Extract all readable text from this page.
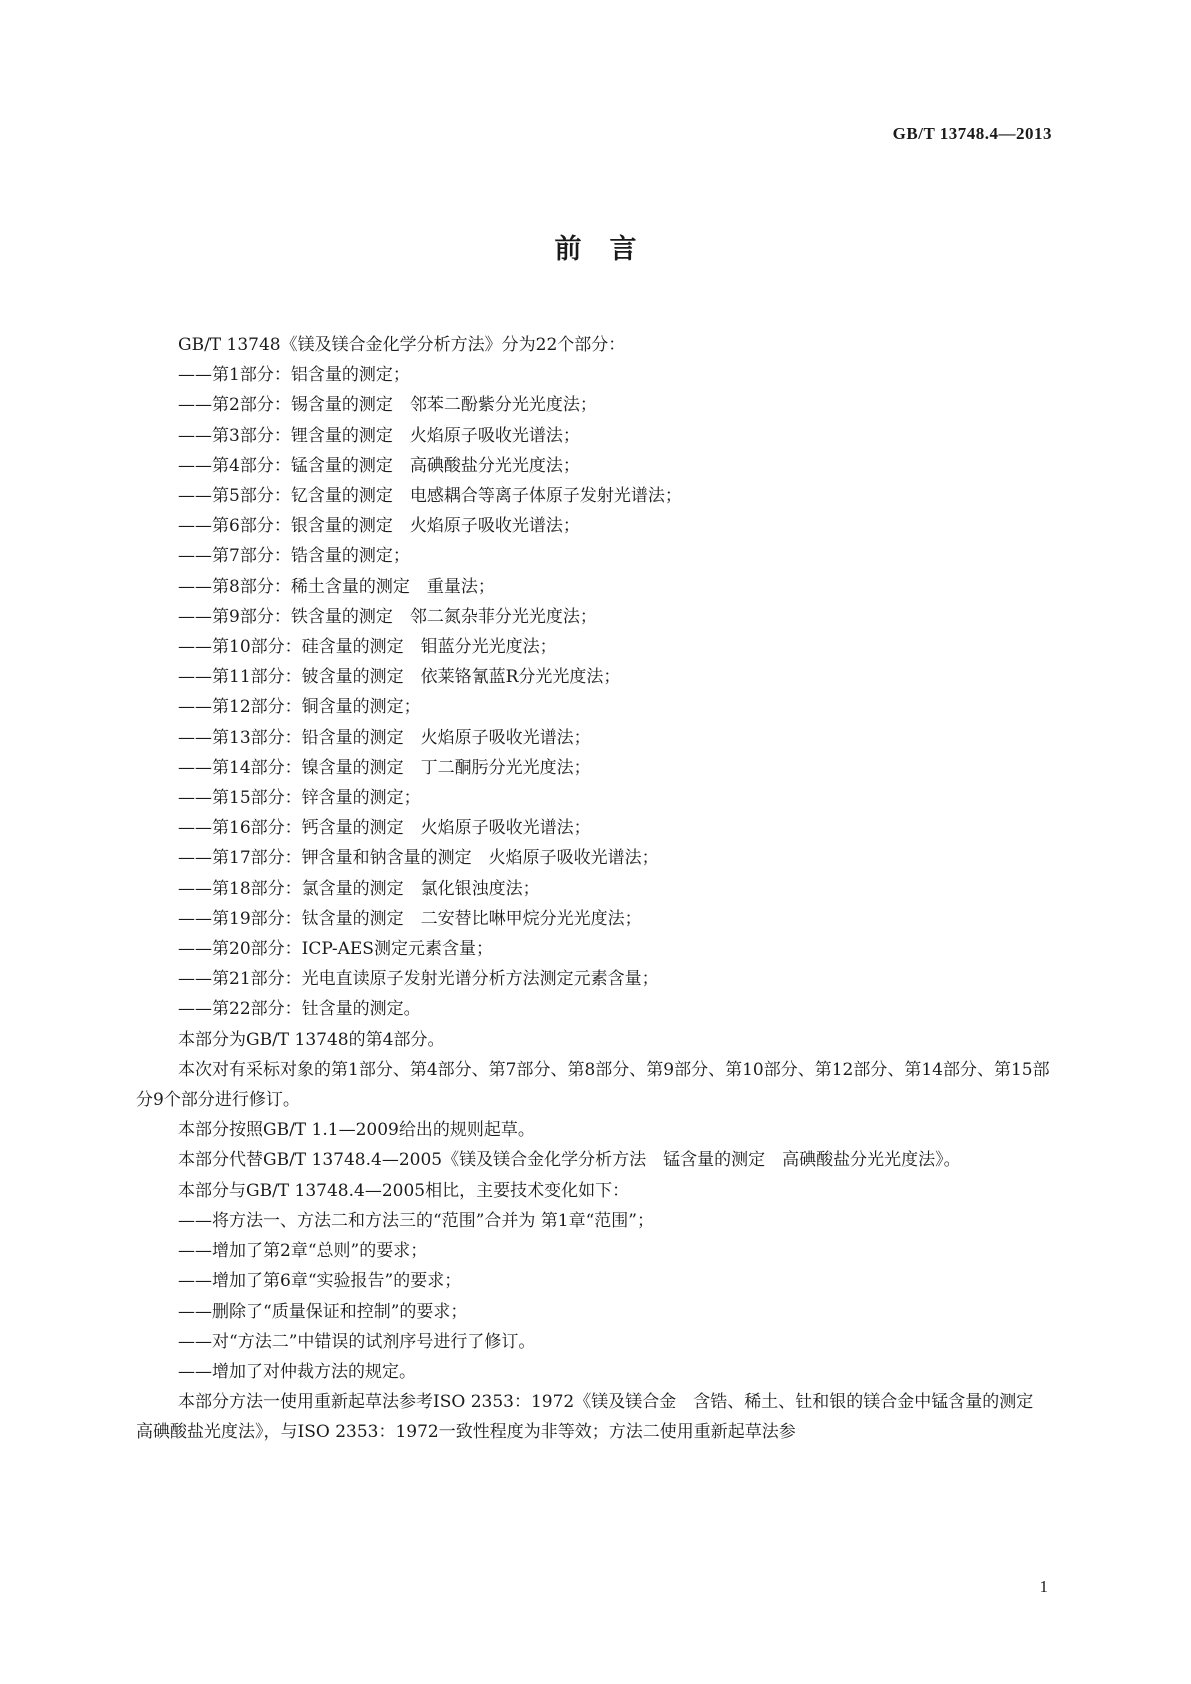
GB/T 13748.4—2013
前言

GB/T 13748《镁及镁合金化学分析方法》分为22个部分：

——第1部分：铝含量的测定；

——第2部分：锡含量的测定　邻苯二酚紫分光光度法；

——第3部分：锂含量的测定　火焰原子吸收光谱法；

——第4部分：锰含量的测定　高碘酸盐分光光度法；

——第5部分：钇含量的测定　电感耦合等离子体原子发射光谱法；

——第6部分：银含量的测定　火焰原子吸收光谱法；

——第7部分：锆含量的测定；

——第8部分：稀土含量的测定　重量法；

——第9部分：铁含量的测定　邻二氮杂菲分光光度法；

——第10部分：硅含量的测定　钼蓝分光光度法；

——第11部分：铍含量的测定　依莱铬氰蓝R分光光度法；

——第12部分：铜含量的测定；

——第13部分：铅含量的测定　火焰原子吸收光谱法；

——第14部分：镍含量的测定　丁二酮肟分光光度法；

——第15部分：锌含量的测定；

——第16部分：钙含量的测定　火焰原子吸收光谱法；

——第17部分：钾含量和钠含量的测定　火焰原子吸收光谱法；

——第18部分：氯含量的测定　氯化银浊度法；

——第19部分：钛含量的测定　二安替比啉甲烷分光光度法；

——第20部分：ICP-AES测定元素含量；

——第21部分：光电直读原子发射光谱分析方法测定元素含量；

——第22部分：钍含量的测定。

本部分为GB/T 13748的第4部分。

本次对有采标对象的第1部分、第4部分、第7部分、第8部分、第9部分、第10部分、第12部分、第14部分、第15部分9个部分进行修订。

本部分按照GB/T 1.1—2009给出的规则起草。

本部分代替GB/T 13748.4—2005《镁及镁合金化学分析方法　锰含量的测定　高碘酸盐分光光度法》。

本部分与GB/T 13748.4—2005相比，主要技术变化如下：

——将方法一、方法二和方法三的“范围”合并为 第1章“范围”；

——增加了第2章“总则”的要求；

——增加了第6章“实验报告”的要求；

——删除了“质量保证和控制”的要求；

——对“方法二”中错误的试剂序号进行了修订。

——增加了对仲裁方法的规定。

本部分方法一使用重新起草法参考ISO 2353：1972《镁及镁合金　含锆、稀土、钍和银的镁合金中锰含量的测定　高碘酸盐光度法》，与ISO 2353：1972一致性程度为非等效；方法二使用重新起草法参

1
